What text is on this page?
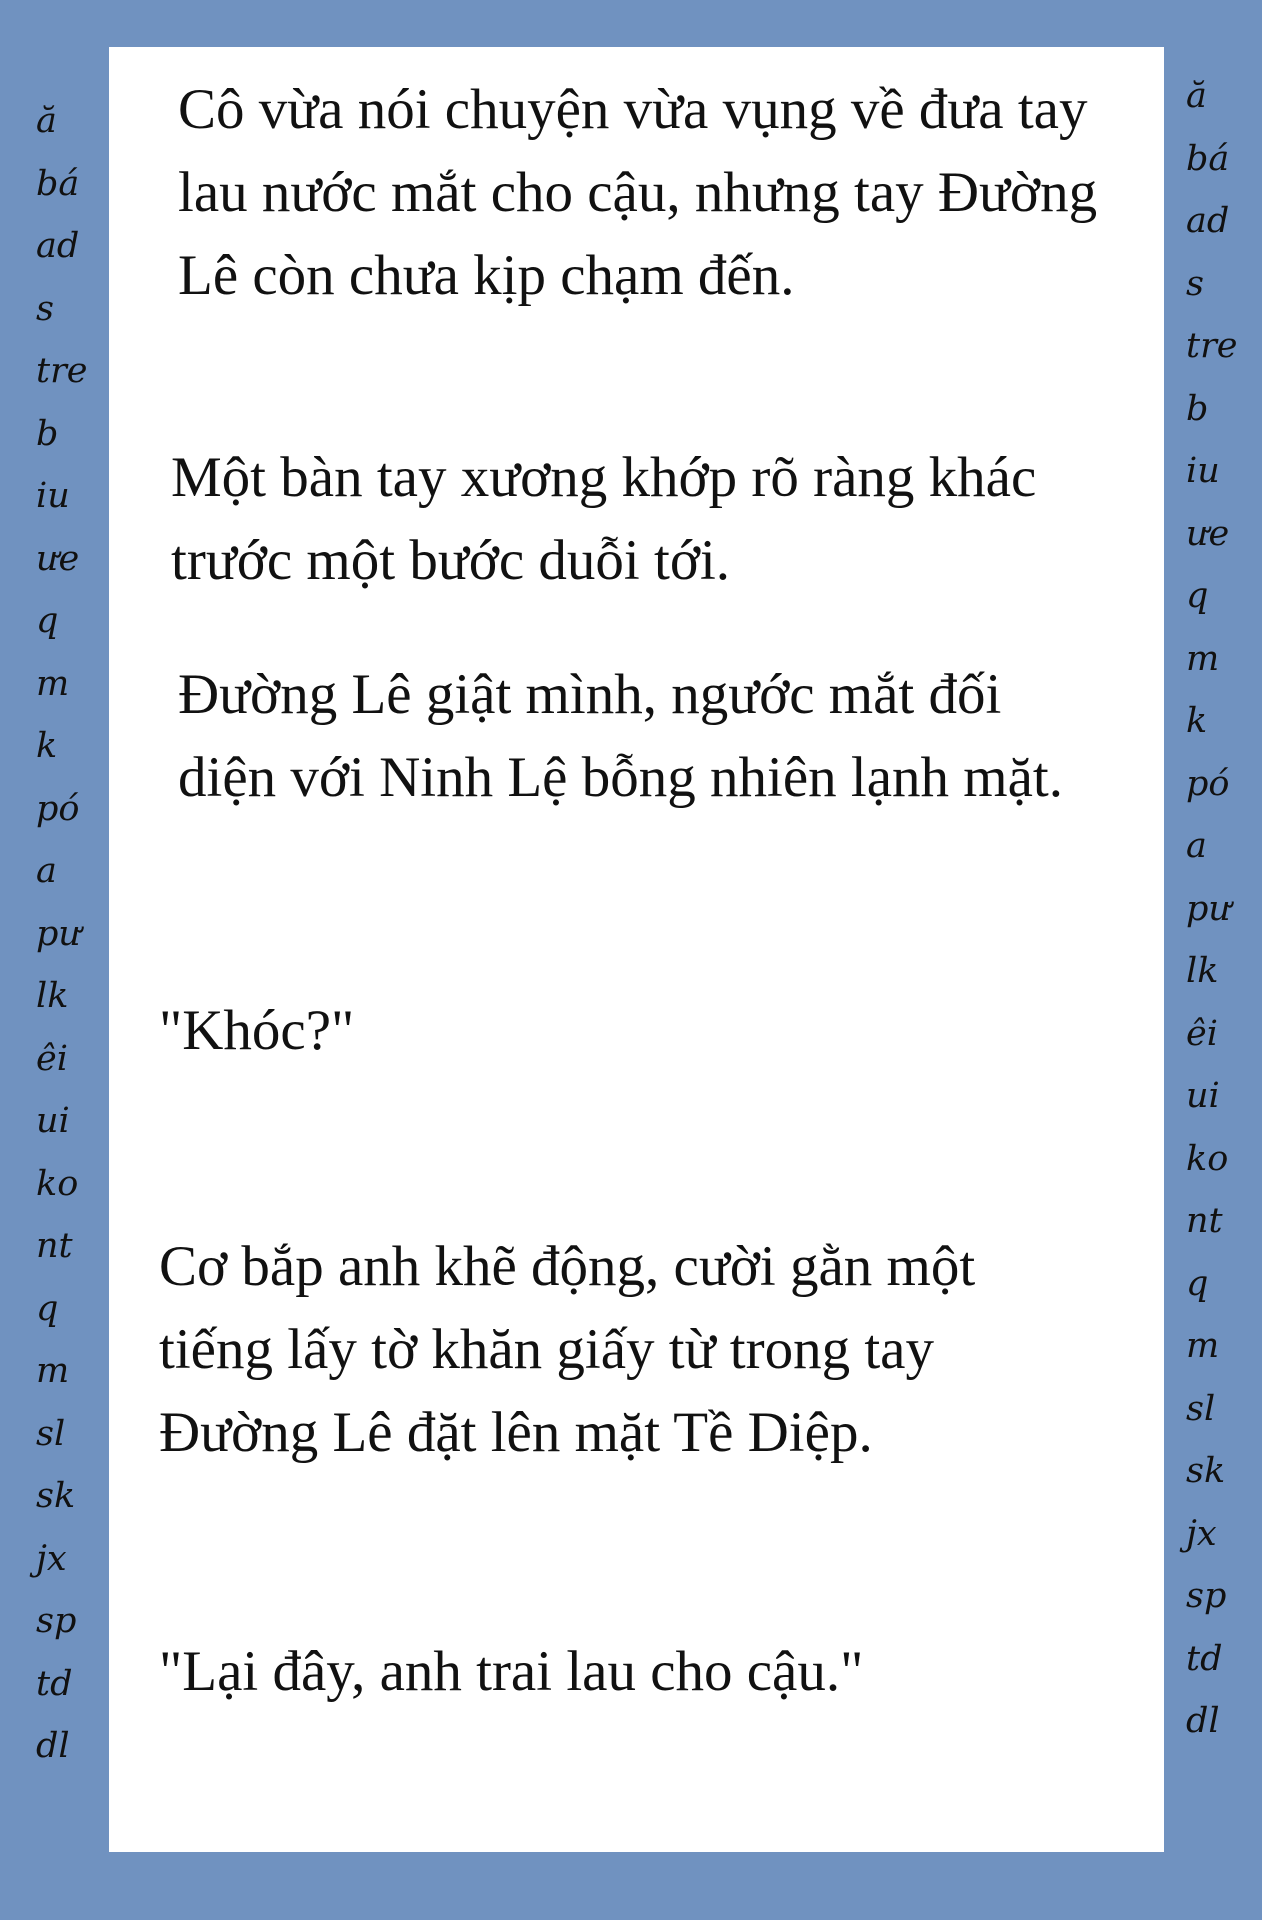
ă
bá
ad
s
tre
b
iu
ưe
q
m
k
pó
a
pư
lk
êi
ui
ko
nt
q
m
sl
sk
jx
sp
td
dl
ă
bá
ad
s
tre
b
iu
ưe
q
m
k
pó
a
pư
lk
êi
ui
ko
nt
q
m
sl
sk
jx
sp
td
dl

Cô vừa nói chuyện vừa vụng về đưa tay lau nước mắt cho cậu, nhưng tay Đường Lê còn chưa kịp chạm đến.

Một bàn tay xương khớp rõ ràng khác trước một bước duỗi tới.

Đường Lê giật mình, ngước mắt đối diện với Ninh Lệ bỗng nhiên lạnh mặt.

"Khóc?"

Cơ bắp anh khẽ động, cười gằn một tiếng lấy tờ khăn giấy từ trong tay Đường Lê đặt lên mặt Tề Diệp.

"Lại đây, anh trai lau cho cậu."
